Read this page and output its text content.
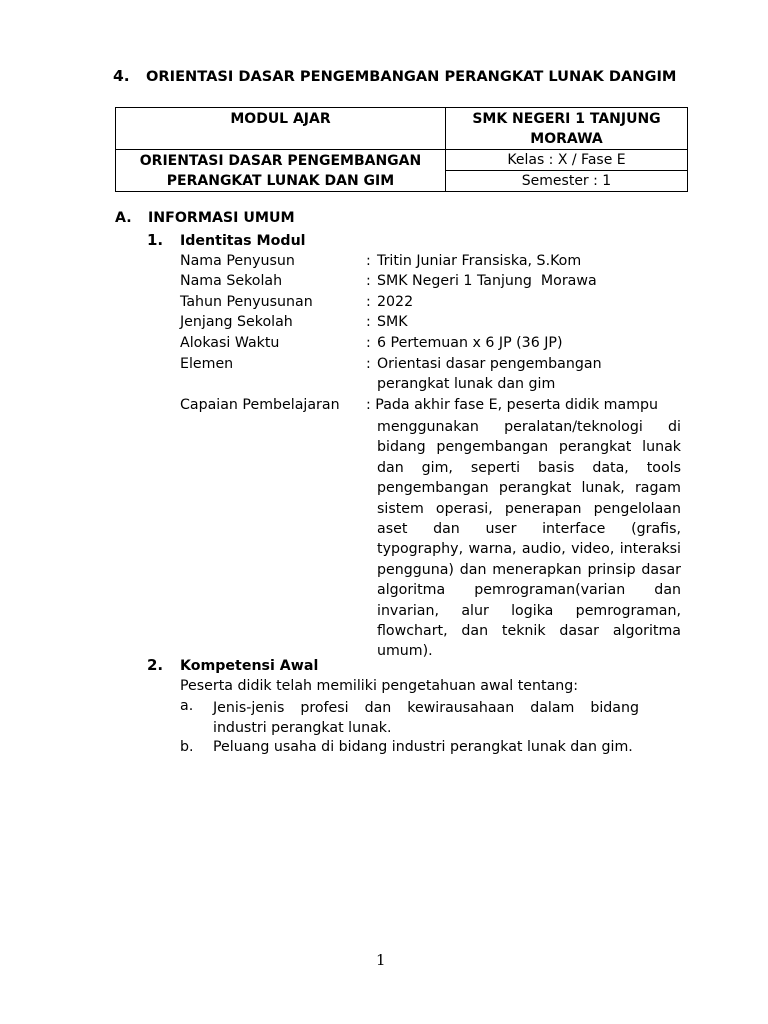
4. ORIENTASI DASAR PENGEMBANGAN PERANGKAT LUNAK DANGIM
MODUL AJAR	SMK NEGERI 1 TANJUNG
MORAWA

ORIENTASI DASAR PENGEMBANGAN
PERANGKAT LUNAK DAN GIM	Kelas : X / Fase E
	Semester : 1
A. INFORMASI UMUM
1. Identitas Modul
Nama Penyusun	: Tritin Juniar Fransiska, S.Kom
Nama Sekolah	: SMK Negeri 1 Tanjung  Morawa
Tahun Penyusunan	: 2022
Jenjang Sekolah	: SMK
Alokasi Waktu	: 6 Pertemuan x 6 JP (36 JP)
Elemen	: Orientasi dasar pengembangan
perangkat lunak dan gim
Capaian Pembelajaran : Pada akhir fase E, peserta didik mampu
menggunakan peralatan/teknologi di bidang pengembangan perangkat lunak dan gim, seperti basis data, tools pengembangan perangkat lunak, ragam sistem operasi, penerapan pengelolaan aset dan user interface (grafis, typography, warna, audio, video, interaksi pengguna) dan menerapkan prinsip dasar algoritma pemrograman(varian dan invarian, alur logika pemrograman, flowchart, dan teknik dasar algoritma umum).
2. Kompetensi Awal
Peserta didik telah memiliki pengetahuan awal tentang:
a. Jenis-jenis profesi dan kewirausahaan dalam bidang industri perangkat lunak.
b. Peluang usaha di bidang industri perangkat lunak dan gim.
1
